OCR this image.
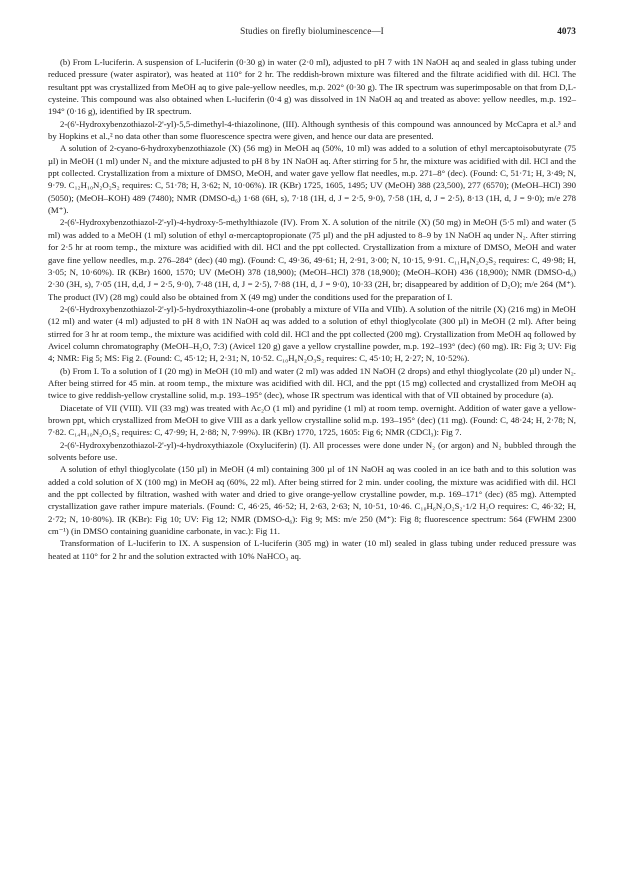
Studies on firefly bioluminescence—I	4073

(b) From L-luciferin. A suspension of L-luciferin (0·30 g) in water (2·0 ml), adjusted to pH 7 with 1N NaOH aq and sealed in glass tubing under reduced pressure (water aspirator), was heated at 110° for 2 hr. The reddish-brown mixture was filtered and the filtrate acidified with dil. HCl. The resultant ppt was crystallized from MeOH aq to give pale-yellow needles, m.p. 202° (0·30 g). The IR spectrum was superimposable on that from D,L-cysteine. This compound was also obtained when L-luciferin (0·4 g) was dissolved in 1N NaOH aq and treated as above: yellow needles, m.p. 192–194° (0·16 g), identified by IR spectrum.

2-(6'-Hydroxybenzothiazol-2'-yl)-5,5-dimethyl-4-thiazolinone, (III). Although synthesis of this compound was announced by McCapra et al.³ and by Hopkins et al.,² no data other than some fluorescence spectra were given, and hence our data are presented.

A solution of 2-cyano-6-hydroxybenzothiazole (X) (56 mg) in MeOH aq (50%, 10 ml) was added to a solution of ethyl mercaptoisobutyrate (75 µl) in MeOH (1 ml) under N₂ and the mixture adjusted to pH 8 by 1N NaOH aq. After stirring for 5 hr, the mixture was acidified with dil. HCl and the ppt collected. Crystallization from a mixture of DMSO, MeOH, and water gave yellow flat needles, m.p. 271–8° (dec). (Found: C, 51·71; H, 3·49; N, 9·79. C₁₂H₁₀N₂O₂S₂ requires: C, 51·78; H, 3·62; N, 10·06%). IR (KBr) 1725, 1605, 1495; UV (MeOH) 388 (23,500), 277 (6570); (MeOH–HCl) 390 (5050); (MeOH–KOH) 489 (7480); NMR (DMSO-d₆) 1·68 (6H, s), 7·18 (1H, d, J = 2·5, 9·0), 7·58 (1H, d, J = 2·5), 8·13 (1H, d, J = 9·0); m/e 278 (M⁺).

2-(6'-Hydroxybenzothiazol-2'-yl)-4-hydroxy-5-methylthiazole (IV). From X. A solution of the nitrile (X) (50 mg) in MeOH (5·5 ml) and water (5 ml) was added to a MeOH (1 ml) solution of ethyl α-mercaptopropionate (75 µl) and the pH adjusted to 8–9 by 1N NaOH aq under N₂. After stirring for 2·5 hr at room temp., the mixture was acidified with dil. HCl and the ppt collected. Crystallization from a mixture of DMSO, MeOH and water gave fine yellow needles, m.p. 276–284° (dec) (40 mg). (Found: C, 49·36, 49·61; H, 2·91, 3·00; N, 10·15, 9·91. C₁₁H₈N₂O₂S₂ requires: C, 49·98; H, 3·05; N, 10·60%). IR (KBr) 1600, 1570; UV (MeOH) 378 (18,900); (MeOH–HCl) 378 (18,900); (MeOH–KOH) 436 (18,900); NMR (DMSO-d₆) 2·30 (3H, s), 7·05 (1H, d,d, J = 2·5, 9·0), 7·48 (1H, d, J = 2·5), 7·88 (1H, d, J = 9·0), 10·33 (2H, br; disappeared by addition of D₂O); m/e 264 (M⁺). The product (IV) (28 mg) could also be obtained from X (49 mg) under the conditions used for the preparation of I.

2-(6'-Hydroxybenzothiazol-2'-yl)-5-hydroxythiazolin-4-one (probably a mixture of VIIa and VIIb). A solution of the nitrile (X) (216 mg) in MeOH (12 ml) and water (4 ml) adjusted to pH 8 with 1N NaOH aq was added to a solution of ethyl thioglycolate (300 µl) in MeOH (2 ml). After being stirred for 3 hr at room temp., the mixture was acidified with cold dil. HCl and the ppt collected (200 mg). Crystallization from MeOH aq followed by Avicel column chromatography (MeOH–H₂O, 7:3) (Avicel 120 g) gave a yellow crystalline powder, m.p. 192–193° (dec) (60 mg). IR: Fig 3; UV: Fig 4; NMR: Fig 5; MS: Fig 2. (Found: C, 45·12; H, 2·31; N, 10·52. C₁₀H₆N₂O₃S₂ requires: C, 45·10; H, 2·27; N, 10·52%).

(b) From I. To a solution of I (20 mg) in MeOH (10 ml) and water (2 ml) was added 1N NaOH (2 drops) and ethyl thioglycolate (20 µl) under N₂. After being stirred for 45 min. at room temp., the mixture was acidified with dil. HCl, and the ppt (15 mg) collected and crystallized from MeOH aq twice to give reddish-yellow crystalline solid, m.p. 193–195° (dec), whose IR spectrum was identical with that of VII obtained by procedure (a).

Diacetate of VII (VIII). VII (33 mg) was treated with Ac₂O (1 ml) and pyridine (1 ml) at room temp. overnight. Addition of water gave a yellow-brown ppt, which crystallized from MeOH to give VIII as a dark yellow crystalline solid m.p. 193–195° (dec) (11 mg). (Found: C, 48·24; H, 2·78; N, 7·82. C₁₄H₁₀N₂O₅S₂ requires: C, 47·99; H, 2·88; N, 7·99%). IR (KBr) 1770, 1725, 1605: Fig 6; NMR (CDCl₃): Fig 7.

2-(6'-Hydroxybenzothiazol-2'-yl)-4-hydroxythiazole (Oxyluciferin) (I). All processes were done under N₂ (or argon) and N₂ bubbled through the solvents before use.

A solution of ethyl thioglycolate (150 µl) in MeOH (4 ml) containing 300 µl of 1N NaOH aq was cooled in an ice bath and to this solution was added a cold solution of X (100 mg) in MeOH aq (60%, 22 ml). After being stirred for 2 min. under cooling, the mixture was acidified with dil. HCl and the ppt collected by filtration, washed with water and dried to give orange-yellow crystalline powder, m.p. 169–171° (dec) (85 mg). Attempted crystallization gave rather impure materials. (Found: C, 46·25, 46·52; H, 2·63, 2·63; N, 10·51, 10·46. C₁₀H₆N₂O₂S₂·1/2 H₂O requires: C, 46·32; H, 2·72; N, 10·80%). IR (KBr): Fig 10; UV: Fig 12; NMR (DMSO-d₆): Fig 9; MS: m/e 250 (M⁺): Fig 8; fluorescence spectrum: 564 (FWHM 2300 cm⁻¹) (in DMSO containing guanidine carbonate, in vac.): Fig 11.

Transformation of L-luciferin to IX. A suspension of L-luciferin (305 mg) in water (10 ml) sealed in glass tubing under reduced pressure was heated at 110° for 2 hr and the solution extracted with 10% NaHCO₃ aq.
